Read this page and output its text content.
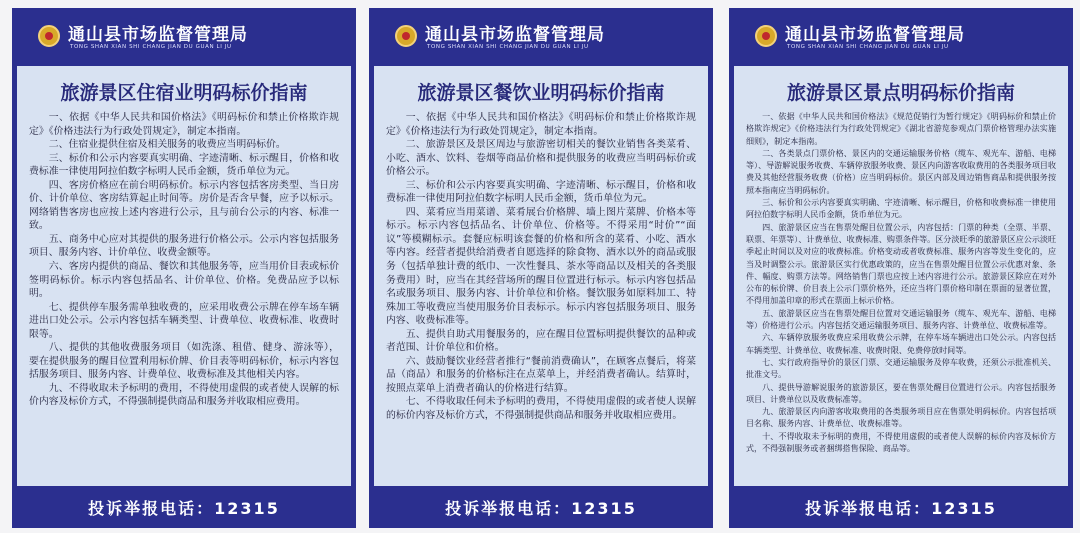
通山县市场监督管理局
TONG SHAN XIAN SHI CHANG JIAN DU GUAN LI JU
旅游景区住宿业明码标价指南

一、依据《中华人民共和国价格法》《明码标价和禁止价格欺诈规定》《价格违法行为行政处罚规定》，制定本指南。

二、住宿业提供住宿及相关服务的收费应当明码标价。

三、标价和公示内容要真实明确、字迹清晰、标示醒目，价格和收费标准一律使用阿拉伯数字标明人民币金额，货币单位为元。

四、客房价格应在前台明码标价。标示内容包括客房类型、当日房价、计价单位、客房结算起止时间等。房价是否含早餐，应予以标示。网络销售客房也应按上述内容进行公示，且与前台公示的内容、标准一致。

五、商务中心应对其提供的服务进行价格公示。公示内容包括服务项目、服务内容、计价单位、收费金额等。

六、客房内提供的商品、餐饮和其他服务等，应当用价目表或标价签明码标价。标示内容包括品名、计价单位、价格。免费品应予以标明。

七、提供停车服务需单独收费的，应采用收费公示牌在停车场车辆进出口处公示。公示内容包括车辆类型、计费单位、收费标准、收费时限等。

八、提供的其他收费服务项目（如洗涤、租借、健身、游泳等），要在提供服务的醒目位置利用标价牌、价目表等明码标价，标示内容包括服务项目、服务内容、计费单位、收费标准及其他相关内容。

九、不得收取未予标明的费用，不得使用虚假的或者使人误解的标价内容及标价方式，不得强制提供商品和服务并收取相应费用。

投诉举报电话：12315
通山县市场监督管理局
TONG SHAN XIAN SHI CHANG JIAN DU GUAN LI JU
旅游景区餐饮业明码标价指南

一、依据《中华人民共和国价格法》《明码标价和禁止价格欺诈规定》《价格违法行为行政处罚规定》，制定本指南。

二、旅游景区及景区周边与旅游密切相关的餐饮业销售各类菜肴、小吃、酒水、饮料、卷烟等商品价格和提供服务的收费应当明码标价或价格公示。

三、标价和公示内容要真实明确、字迹清晰、标示醒目，价格和收费标准一律使用阿拉伯数字标明人民币金额，货币单位为元。

四、菜肴应当用菜谱、菜肴展台价格牌、墙上图片菜牌、价格本等标示。标示内容包括品名、计价单位、价格等。不得采用“时价”“面议”等模糊标示。套餐应标明该套餐的价格和所含的菜肴、小吃、酒水等内容。经营者提供给消费者自愿选择的除食物、酒水以外的商品或服务（包括单独计费的纸巾、一次性餐具、茶水等商品以及相关的各类服务费用）时，应当在其经营场所的醒目位置进行标示。标示内容包括品名或服务项目、服务内容、计价单位和价格。餐饮服务如原料加工、特殊加工等收费应当使用服务价目表标示。标示内容包括服务项目、服务内容、收费标准等。

五、提供自助式用餐服务的，应在醒目位置标明提供餐饮的品种或者范围、计价单位和价格。

六、鼓励餐饮业经营者推行“餐前消费确认”，在顾客点餐后，将菜品（商品）和服务的价格标注在点菜单上，并经消费者确认。结算时，按照点菜单上消费者确认的价格进行结算。

七、不得收取任何未予标明的费用，不得使用虚假的或者使人误解的标价内容及标价方式，不得强制提供商品和服务并收取相应费用。

投诉举报电话：12315
通山县市场监督管理局
TONG SHAN XIAN SHI CHANG JIAN DU GUAN LI JU
旅游景区景点明码标价指南

一、依据《中华人民共和国价格法》《规范促销行为暂行规定》《明码标价和禁止价格欺诈规定》《价格违法行为行政处罚规定》《湖北省游览参观点门票价格管理办法实施细则》，制定本指南。

二、各类景点门票价格、景区内的交通运输服务价格（缆车、观光车、游船、电梯等）、导游解说服务收费、车辆停放服务收费、景区内向游客收取费用的各类服务项目收费及其他经营服务收费（价格）应当明码标价。景区内部及周边销售商品和提供服务按照本指南应当明码标价。

三、标价和公示内容要真实明确、字迹清晰、标示醒目，价格和收费标准一律使用阿拉伯数字标明人民币金额，货币单位为元。

四、旅游景区应当在售票处醒目位置公示，内容包括：门票的种类（全票、半票、联票、年票等）、计费单位、收费标准、购票条件等。区分淡旺季的旅游景区应公示淡旺季起止时间以及对应的收费标准。价格变动或者收费标准、服务内容等发生变化的，应当及时调整公示。旅游景区实行优惠政策的，应当在售票处醒目位置公示优惠对象、条件、幅度、购票方法等。网络销售门票也应按上述内容进行公示。旅游景区除应在对外公布的标价牌、价目表上公示门票价格外，还应当将门票价格印制在票面的显著位置，不得用加盖印章的形式在票面上标示价格。

五、旅游景区应当在售票处醒目位置对交通运输服务（缆车、观光车、游船、电梯等）价格进行公示。内容包括交通运输服务项目、服务内容、计费单位、收费标准等。

六、车辆停放服务收费应采用收费公示牌，在停车场车辆进出口处公示。内容包括车辆类型、计费单位、收费标准、收费时限、免费停放时间等。

七、实行政府指导价的景区门票、交通运输服务及停车收费，还须公示批准机关、批准文号。

八、提供导游解说服务的旅游景区，要在售票处醒目位置进行公示。内容包括服务项目、计费单位以及收费标准等。

九、旅游景区内向游客收取费用的各类服务项目应在售票处明码标价。内容包括项目名称、服务内容、计费单位、收费标准等。

十、不得收取未予标明的费用，不得使用虚假的或者使人误解的标价内容及标价方式，不得强制服务或者捆绑搭售保险、商品等。

投诉举报电话：12315
